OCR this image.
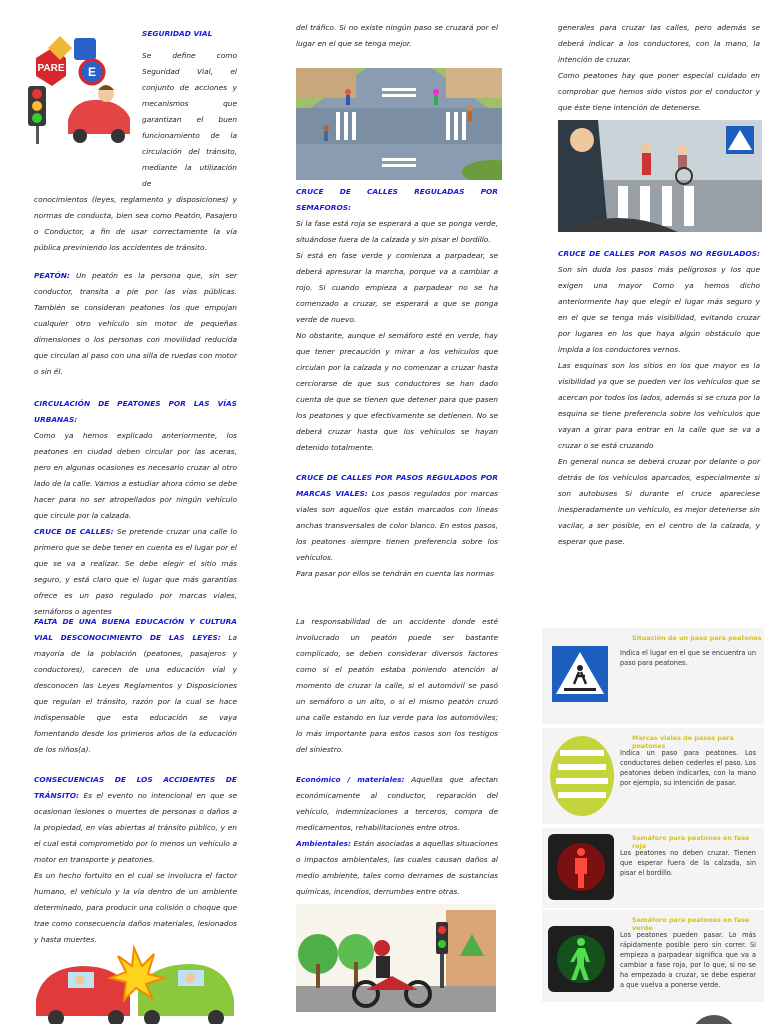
PARE E
SEGURIDAD VIAL

Se define como Seguridad Vial, el conjunto de acciones y mecanismos que garantizan el buen funcionamiento de la circulación del tránsito, mediante la utilización de

conocimientos (leyes, reglamento y disposiciones) y normas de conducta, bien sea como Peatón, Pasajero o Conductor, a fin de usar correctamente la vía pública previniendo los accidentes de tránsito.

PEATÓN: Un peatón es la persona que, sin ser conductor, transita a pie por las vías públicas. También se consideran peatones los que empujan cualquier otro vehículo sin motor de pequeñas dimensiones o los personas con movilidad reducida que circulan al paso con una silla de ruedas con motor o sin él.

CIRCULACIÓN DE PEATONES POR LAS VÍAS URBANAS:

Como ya hemos explicado anteriormente, los peatones en ciudad deben circular por las aceras, pero en algunas ocasiones es necesario cruzar al otro lado de la calle. Vamos a estudiar ahora cómo se debe hacer para no ser atropellados por ningún vehículo que circule por la calzada.

CRUCE DE CALLES: Se pretende cruzar una calle lo primero que se debe tener en cuenta es el lugar por el que se va a realizar. Se debe elegir el sitio más seguro, y está claro que el lugar que más garantías ofrece es un paso regulado por marcas viales, semáforos o agentes

del tráfico. Si no existe ningún paso se cruzará por el lugar en el que se tenga mejor.

CRUCE DE CALLES REGULADAS POR SEMAFOROS:

Si la fase está roja se esperará a que se ponga verde, situándose fuera de la calzada y sin pisar el bordillo.

Si está en fase verde y comienza a parpadear, se deberá apresurar la marcha, porque va a cambiar a rojo. Si cuando empieza a parpadear no se ha comenzado a cruzar, se esperará a que se ponga verde de nuevo.

No obstante, aunque el semáforo esté en verde, hay que tener precaución y mirar a los vehículos que circulan por la calzada y no comenzar a cruzar hasta cerciorarse de que sus conductores se han dado cuenta de que se tienen que detener para que pasen los peatones y que efectivamente se detienen. No se deberá cruzar hasta que los vehículos se hayan detenido totalmente.

CRUCE DE CALLES POR PASOS REGULADOS POR MARCAS VIALES: Los pasos regulados por marcas viales son aquellos que están marcados con líneas anchas transversales de color blanco. En estos pasos, los peatones siempre tienen preferencia sobre los vehículos.

Para pasar por ellos se tendrán en cuenta las normas

generales para cruzar las calles, pero además se deberá indicar a los conductores, con la mano, la intención de cruzar.

Como peatones hay que poner especial cuidado en comprobar que hemos sido vistos por el conductor y que éste tiene intención de detenerse.

CRUCE DE CALLES POR PASOS NO REGULADOS: Son sin duda los pasos más peligrosos y los que exigen una mayor Como ya hemos dicho anteriormente hay que elegir el lugar más seguro y en el que se tenga más visibilidad, evitando cruzar por lugares en los que haya algún obstáculo que impida a los conductores vernos.

Las esquinas son los sitios en los que mayor es la visibilidad ya que se pueden ver los vehículos que se acercan por todos los lados, además si se cruza por la esquina se tiene preferencia sobre los vehículos que vayan a girar para entrar en la calle que se va a cruzar o se está cruzando

En general nunca se deberá cruzar por delante o por detrás de los vehículos aparcados, especialmente si son autobuses Si durante el cruce apareciese inesperadamente un vehículo, es mejor detenerse sin vacilar, a ser posible, en el centro de la calzada, y esperar que pase.

FALTA DE UNA BUENA EDUCACIÓN Y CULTURA VIAL DESCONOCIMIENTO DE LAS LEYES: La mayoría de la población (peatones, pasajeros y conductores), carecen de una educación vial y desconocen las Leyes Reglamentos y Disposiciones que regulan el tránsito, razón por la cual se hace indispensable que esta educación se vaya fomentando desde los primeros años de la educación de los niños(a).

CONSECUENCIAS DE LOS ACCIDENTES DE TRÁNSITO: Es el evento no intencional en que se ocasionan lesiones o muertes de personas o daños a la propiedad, en vías abiertas al tránsito público, y en el cual está comprometido por lo menos un vehículo a motor en transporte y peatones.

Es un hecho fortuito en el cual se involucra el factor humano, el vehículo y la vía dentro de un ambiente determinado, para producir una colisión o choque que trae como consecuencia daños materiales, lesionados y hasta muertes.

La responsabilidad de un accidente donde esté involucrado un peatón puede ser bastante complicado, se deben considerar diversos factores como si el peatón estaba poniendo atención al momento de cruzar la calle, si el automóvil se pasó un semáforo o un alto, o si el mismo peatón cruzó una calle estando en luz verde para los automóviles; lo más importante para estos casos son los testigos del siniestro.

Económico / materiales: Aquellas que afectan económicamente al conductor, reparación del vehículo, indemnizaciones a terceros, compra de medicamentos, rehabilitaciones entre otros.

Ambientales: Están asociadas a aquellas situaciones o impactos ambientales, las cuales causan daños al medio ambiente, tales como derrames de sustancias químicas, incendios, derrumbes entre otras.

Situación de un paso para peatones
Indica el lugar en el que se encuentra un paso para peatones.
Marcas viales de pasos para peatones
Indica un paso para peatones. Los conductores deben cederles el paso. Los peatones deben indicarles, con la mano por ejemplo, su intención de pasar.
Semáforo para peatones en fase roja
Los peatones no deben cruzar. Tienen que esperar fuera de la calzada, sin pisar el bordillo.
Semáforo para peatones en fase verde
Los peatones pueden pasar. Lo más rápidamente posible pero sin correr. Si empieza a parpadear significa que va a cambiar a fase roja, por lo que, si no se ha empezado a cruzar, se debe esperar a que vuelva a ponerse verde.
